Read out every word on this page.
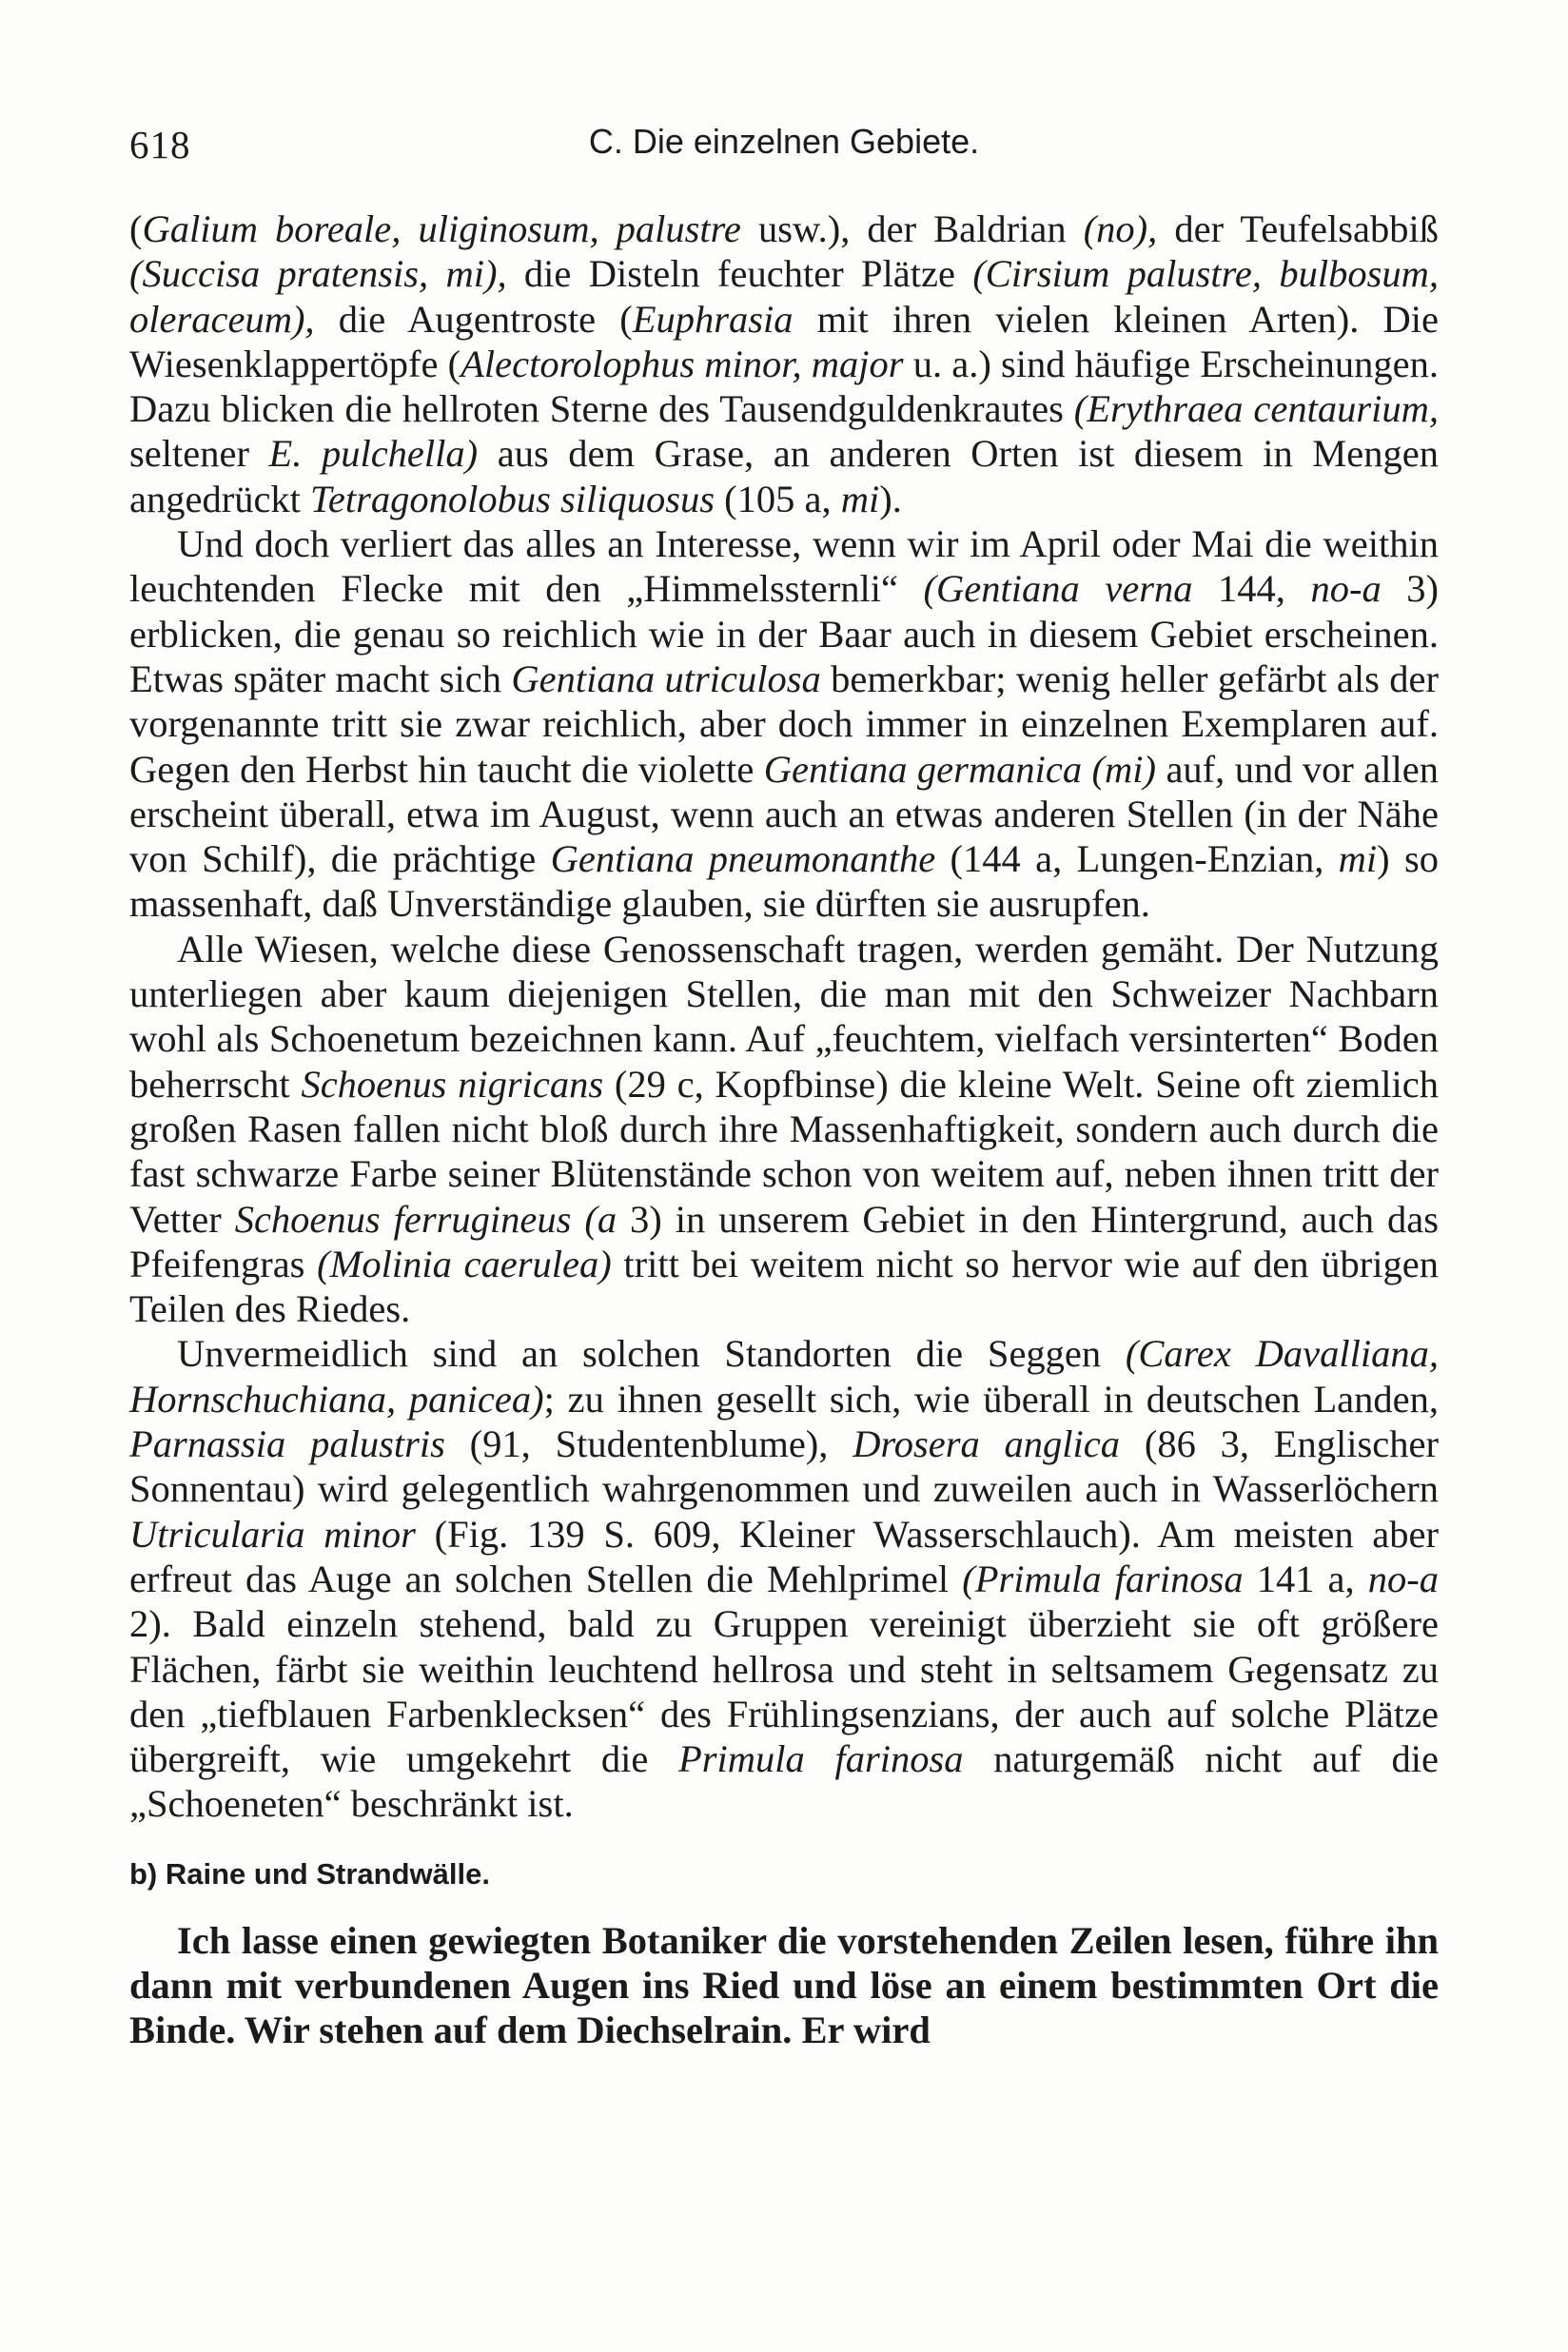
618	C. Die einzelnen Gebiete.

(Galium boreale, uliginosum, palustre usw.), der Baldrian (no), der Teufelsabbiß (Succisa pratensis, mi), die Disteln feuchter Plätze (Cirsium palustre, bulbosum, oleraceum), die Augentroste (Euphrasia mit ihren vielen kleinen Arten). Die Wiesenklappertöpfe (Alectorolophus minor, major u. a.) sind häufige Erscheinungen. Dazu blicken die hellroten Sterne des Tausendguldenkrautes (Erythraea centaurium, seltener E. pulchella) aus dem Grase, an anderen Orten ist diesem in Mengen angedrückt Tetragonolobus siliquosus (105 a, mi).

Und doch verliert das alles an Interesse, wenn wir im April oder Mai die weithin leuchtenden Flecke mit den „Himmelssternli“ (Gentiana verna 144, no-a 3) erblicken, die genau so reichlich wie in der Baar auch in diesem Gebiet erscheinen. Etwas später macht sich Gentiana utriculosa bemerkbar; wenig heller gefärbt als der vorgenannte tritt sie zwar reichlich, aber doch immer in einzelnen Exemplaren auf. Gegen den Herbst hin taucht die violette Gentiana germanica (mi) auf, und vor allen erscheint überall, etwa im August, wenn auch an etwas anderen Stellen (in der Nähe von Schilf), die prächtige Gentiana pneumonanthe (144 a, Lungen-Enzian, mi) so massenhaft, daß Unverständige glauben, sie dürften sie ausrupfen.

Alle Wiesen, welche diese Genossenschaft tragen, werden gemäht. Der Nutzung unterliegen aber kaum diejenigen Stellen, die man mit den Schweizer Nachbarn wohl als Schoenetum bezeichnen kann. Auf „feuchtem, vielfach versinterten“ Boden beherrscht Schoenus nigricans (29 c, Kopfbinse) die kleine Welt. Seine oft ziemlich großen Rasen fallen nicht bloß durch ihre Massenhaftigkeit, sondern auch durch die fast schwarze Farbe seiner Blütenstände schon von weitem auf, neben ihnen tritt der Vetter Schoenus ferrugineus (a 3) in unserem Gebiet in den Hintergrund, auch das Pfeifengras (Molinia caerulea) tritt bei weitem nicht so hervor wie auf den übrigen Teilen des Riedes.

Unvermeidlich sind an solchen Standorten die Seggen (Carex Davalliana, Hornschuchiana, panicea); zu ihnen gesellt sich, wie überall in deutschen Landen, Parnassia palustris (91, Studentenblume), Drosera anglica (86 3, Englischer Sonnentau) wird gelegentlich wahrgenommen und zuweilen auch in Wasserlöchern Utricularia minor (Fig. 139 S. 609, Kleiner Wasserschlauch). Am meisten aber erfreut das Auge an solchen Stellen die Mehlprimel (Primula farinosa 141 a, no-a 2). Bald einzeln stehend, bald zu Gruppen vereinigt überzieht sie oft größere Flächen, färbt sie weithin leuchtend hellrosa und steht in seltsamem Gegensatz zu den „tiefblauen Farbenklecksen“ des Frühlingsenzians, der auch auf solche Plätze übergreift, wie umgekehrt die Primula farinosa naturgemäß nicht auf die „Schoeneten“ beschränkt ist.

b) Raine und Strandwälle.

Ich lasse einen gewiegten Botaniker die vorstehenden Zeilen lesen, führe ihn dann mit verbundenen Augen ins Ried und löse an einem bestimmten Ort die Binde. Wir stehen auf dem Diechselrain. Er wird
